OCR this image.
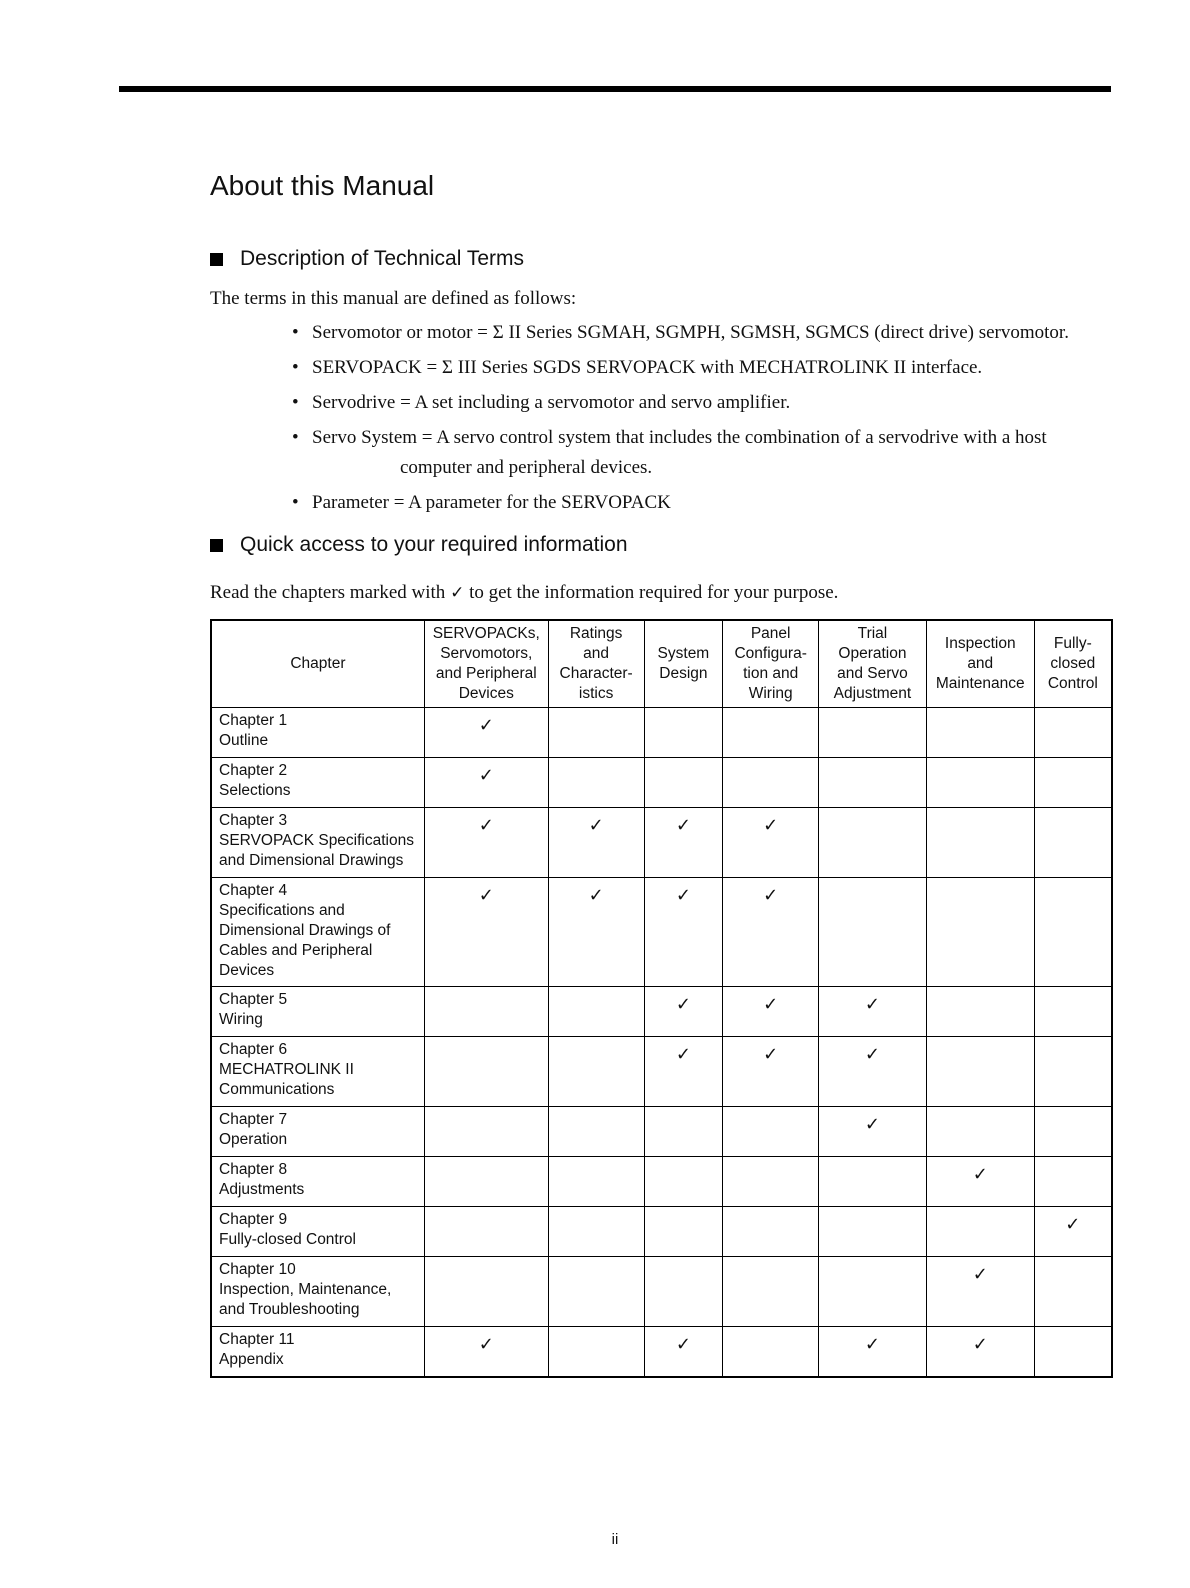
About this Manual
Description of Technical Terms

The terms in this manual are defined as follows:

• Servomotor or motor = Σ II Series SGMAH, SGMPH, SGMSH, SGMCS (direct drive) servomotor.
• SERVOPACK = Σ III Series SGDS SERVOPACK with MECHATROLINK II interface.
• Servodrive = A set including a servomotor and servo amplifier.
• Servo System = A servo control system that includes the combination of a servodrive with a host
computer and peripheral devices.
• Parameter = A parameter for the SERVOPACK
Quick access to your required information

Read the chapters marked with ✓ to get the information required for your purpose.

Chapter	SERVOPACKs,
Servomotors,
and Peripheral
Devices	Ratings
and
Character-
istics	System
Design	Panel
Configura-
tion and
Wiring	Trial
Operation
and Servo
Adjustment	Inspection
and
Maintenance	Fully-
closed
Control

Chapter 1
Outline	✓						

Chapter 2
Selections	✓						

Chapter 3
SERVOPACK Specifications
and Dimensional Drawings	✓	✓	✓	✓			

Chapter 4
Specifications and
Dimensional Drawings of
Cables and Peripheral
Devices	✓	✓	✓	✓			

Chapter 5
Wiring			✓	✓	✓		

Chapter 6
MECHATROLINK II
Communications			✓	✓	✓		

Chapter 7
Operation					✓		

Chapter 8
Adjustments						✓	

Chapter 9
Fully-closed Control							✓

Chapter 10
Inspection, Maintenance,
and Troubleshooting						✓	

Chapter 11
Appendix	✓		✓		✓	✓	
ii
